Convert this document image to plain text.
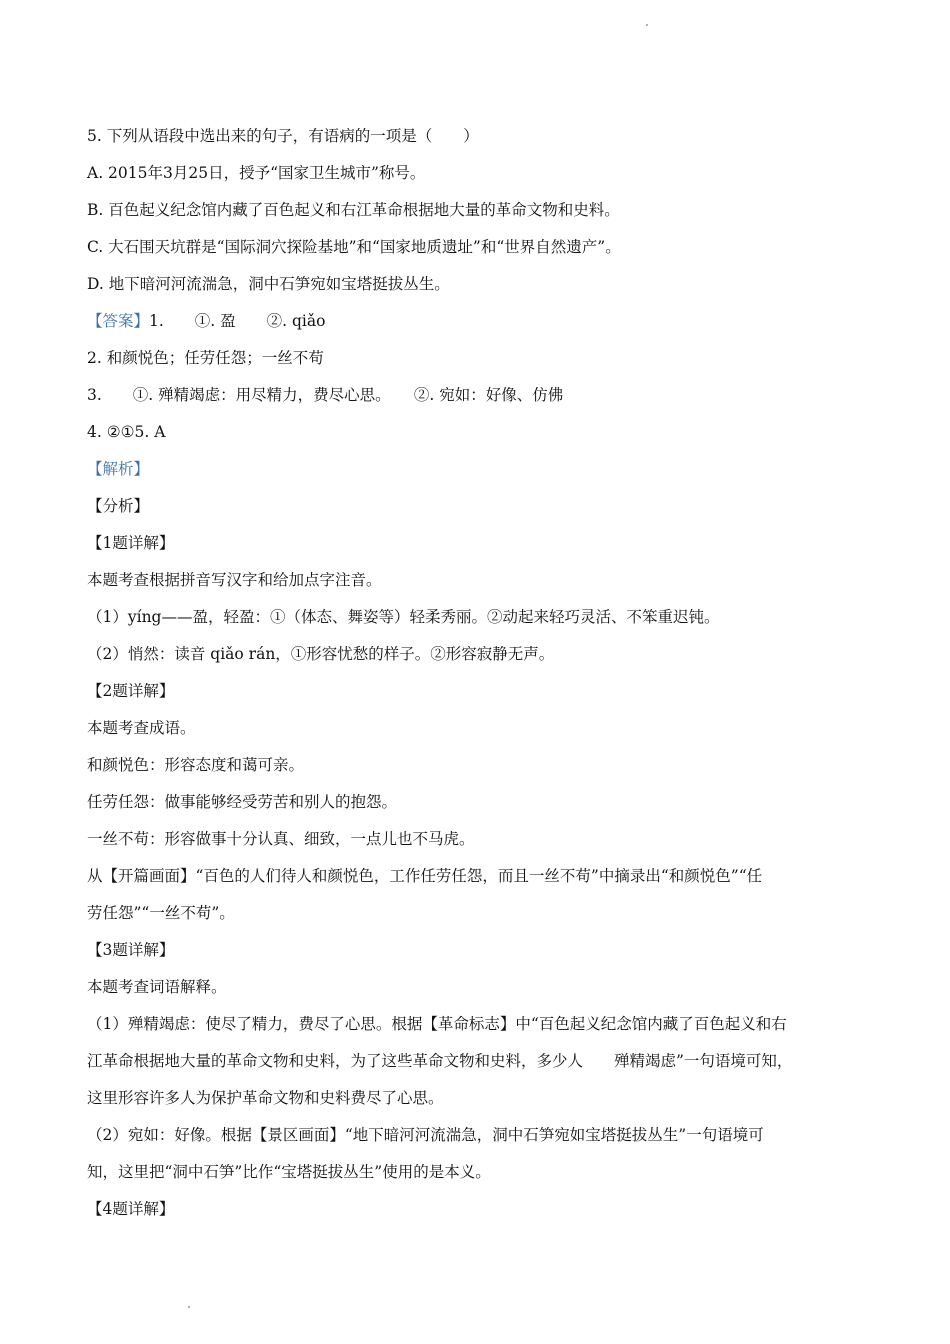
5. 下列从语段中选出来的句子，有语病的一项是（　　）
A. 2015年3月25日，授予“国家卫生城市”称号。
B. 百色起义纪念馆内藏了百色起义和右江革命根据地大量的革命文物和史料。
C. 大石围天坑群是“国际洞穴探险基地”和“国家地质遗址”和“世界自然遗产”。
D. 地下暗河河流湍急，洞中石笋宛如宝塔挺拔丛生。
【答案】1.　　①. 盈　　②. qiǎo
2. 和颜悦色；任劳任怨；一丝不苟
3.　　①. 殚精竭虑：用尽精力，费尽心思。　　②. 宛如：好像、仿佛
4. ②①5. A
【解析】
【分析】
【1题详解】
本题考查根据拼音写汉字和给加点字注音。
（1）yíng——盈，轻盈：①（体态、舞姿等）轻柔秀丽。②动起来轻巧灵活、不笨重迟钝。
（2）悄然：读音 qiǎo rán，①形容忧愁的样子。②形容寂静无声。
【2题详解】
本题考查成语。
和颜悦色：形容态度和蔼可亲。
任劳任怨：做事能够经受劳苦和别人的抱怨。
一丝不苟：形容做事十分认真、细致，一点儿也不马虎。
从【开篇画面】“百色的人们待人和颜悦色，工作任劳任怨，而且一丝不苟”中摘录出“和颜悦色”“任
劳任怨”“一丝不苟”。
【3题详解】
本题考查词语解释。
（1）殚精竭虑：使尽了精力，费尽了心思。根据【革命标志】中“百色起义纪念馆内藏了百色起义和右
江革命根据地大量的革命文物和史料，为了这些革命文物和史料，多少人　　殚精竭虑”一句语境可知，
这里形容许多人为保护革命文物和史料费尽了心思。
（2）宛如：好像。根据【景区画面】“地下暗河河流湍急，洞中石笋宛如宝塔挺拔丛生”一句语境可
知，这里把“洞中石笋”比作“宝塔挺拔丛生”使用的是本义。
【4题详解】
